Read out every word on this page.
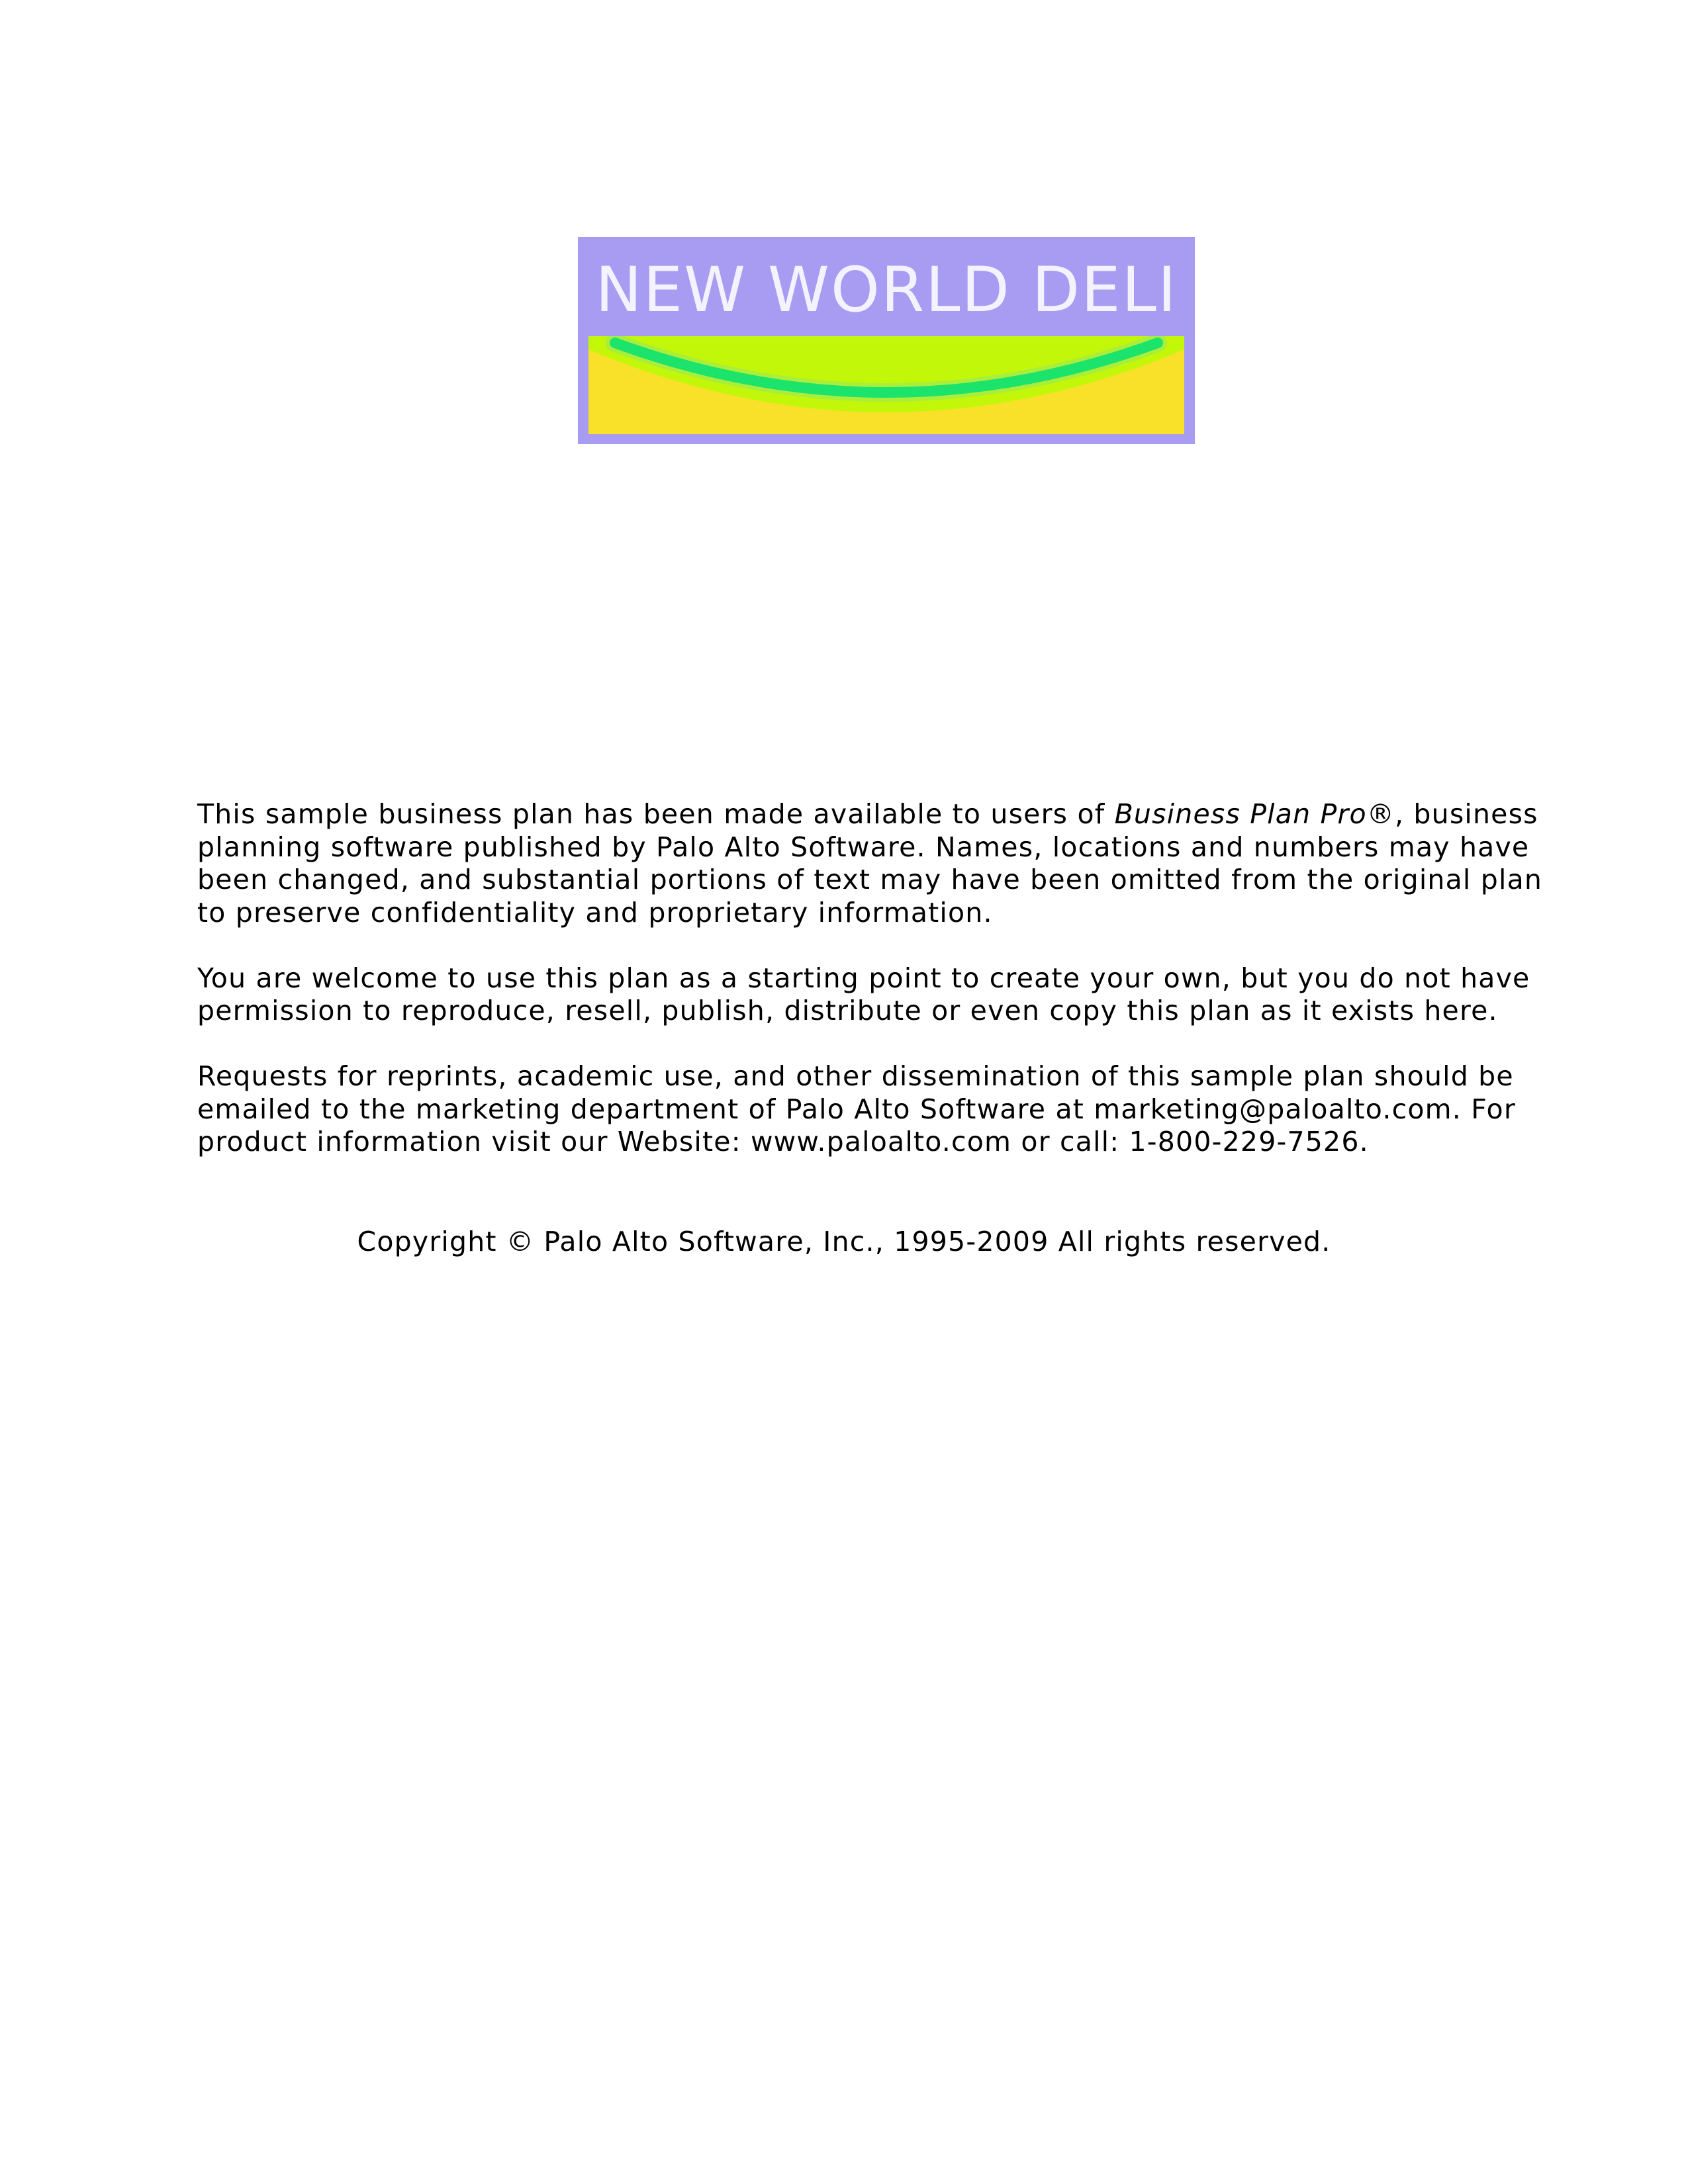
NEW WORLD DELI

This sample business plan has been made available to users of Business Plan Pro®, business planning software published by Palo Alto Software. Names, locations and numbers may have been changed, and substantial portions of text may have been omitted from the original plan to preserve confidentiality and proprietary information.

You are welcome to use this plan as a starting point to create your own, but you do not have permission to reproduce, resell, publish, distribute or even copy this plan as it exists here.

Requests for reprints, academic use, and other dissemination of this sample plan should be emailed to the marketing department of Palo Alto Software at marketing@paloalto.com. For product information visit our Website: www.paloalto.com or call: 1-800-229-7526.

Copyright © Palo Alto Software, Inc., 1995-2009 All rights reserved.
